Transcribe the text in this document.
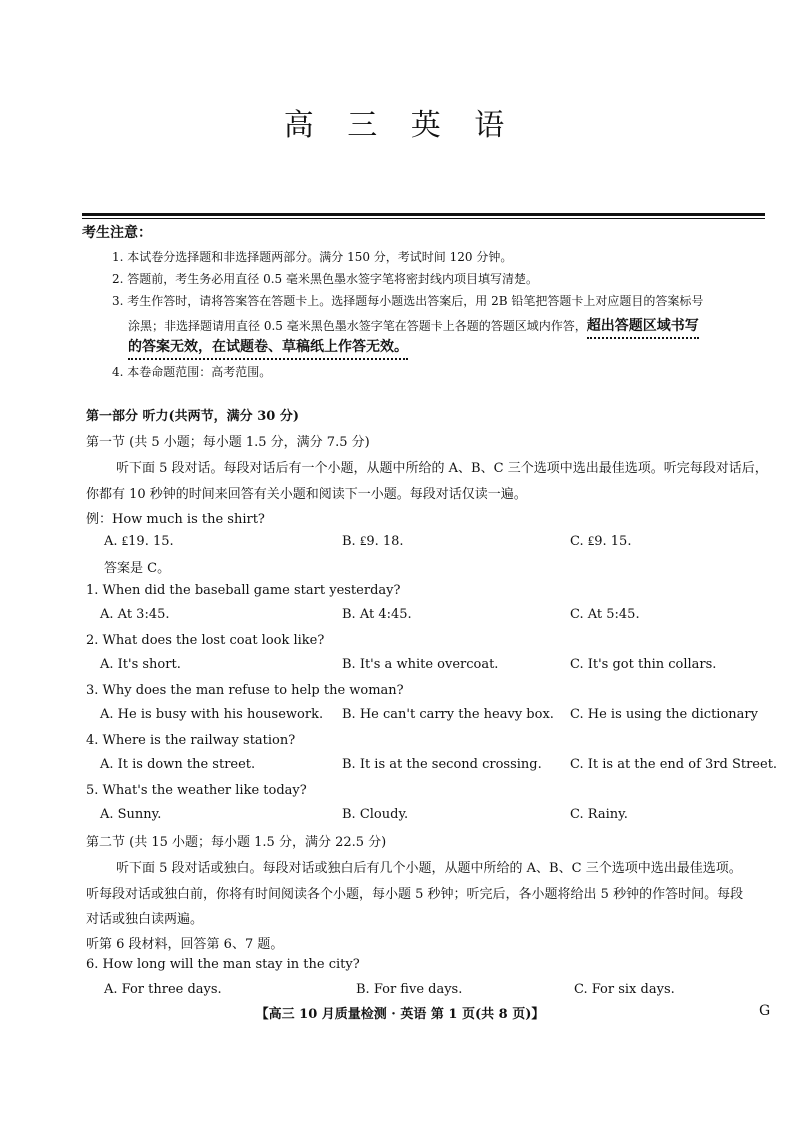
高 三 英 语
考生注意：
1. 本试卷分选择题和非选择题两部分。满分 150 分，考试时间 120 分钟。
2. 答题前，考生务必用直径 0.5 毫米黑色墨水签字笔将密封线内项目填写清楚。
3. 考生作答时，请将答案答在答题卡上。选择题每小题选出答案后，用 2B 铅笔把答题卡上对应题目的答案标号
涂黑；非选择题请用直径 0.5 毫米黑色墨水签字笔在答题卡上各题的答题区域内作答，超出答题区域书写
的答案无效，在试题卷、草稿纸上作答无效。
4. 本卷命题范围：高考范围。
第一部分 听力(共两节，满分 30 分)
第一节 (共 5 小题；每小题 1.5 分，满分 7.5 分)
听下面 5 段对话。每段对话后有一个小题，从题中所给的 A、B、C 三个选项中选出最佳选项。听完每段对话后，
你都有 10 秒钟的时间来回答有关小题和阅读下一小题。每段对话仅读一遍。
例：How much is the shirt?
A. ₤19. 15.	B. ₤9. 18.	C. ₤9. 15.
答案是 C。
1. When did the baseball game start yesterday?
A. At 3:45.	B. At 4:45.	C. At 5:45.
2. What does the lost coat look like?
A. It's short.	B. It's a white overcoat.	C. It's got thin collars.
3. Why does the man refuse to help the woman?
A. He is busy with his housework. B. He can't carry the heavy box. C. He is using the dictionary
4. Where is the railway station?
A. It is down the street.	B. It is at the second crossing. C. It is at the end of 3rd Street.
5. What's the weather like today?
A. Sunny.	B. Cloudy.	C. Rainy.
第二节 (共 15 小题；每小题 1.5 分，满分 22.5 分)
听下面 5 段对话或独白。每段对话或独白后有几个小题，从题中所给的 A、B、C 三个选项中选出最佳选项。
听每段对话或独白前，你将有时间阅读各个小题，每小题 5 秒钟；听完后，各小题将给出 5 秒钟的作答时间。每段
对话或独白读两遍。
听第 6 段材料，回答第 6、7 题。
6. How long will the man stay in the city?
A. For three days.	B. For five days.	C. For six days.
【高三 10 月质量检测 · 英语 第 1 页(共 8 页)】	G
